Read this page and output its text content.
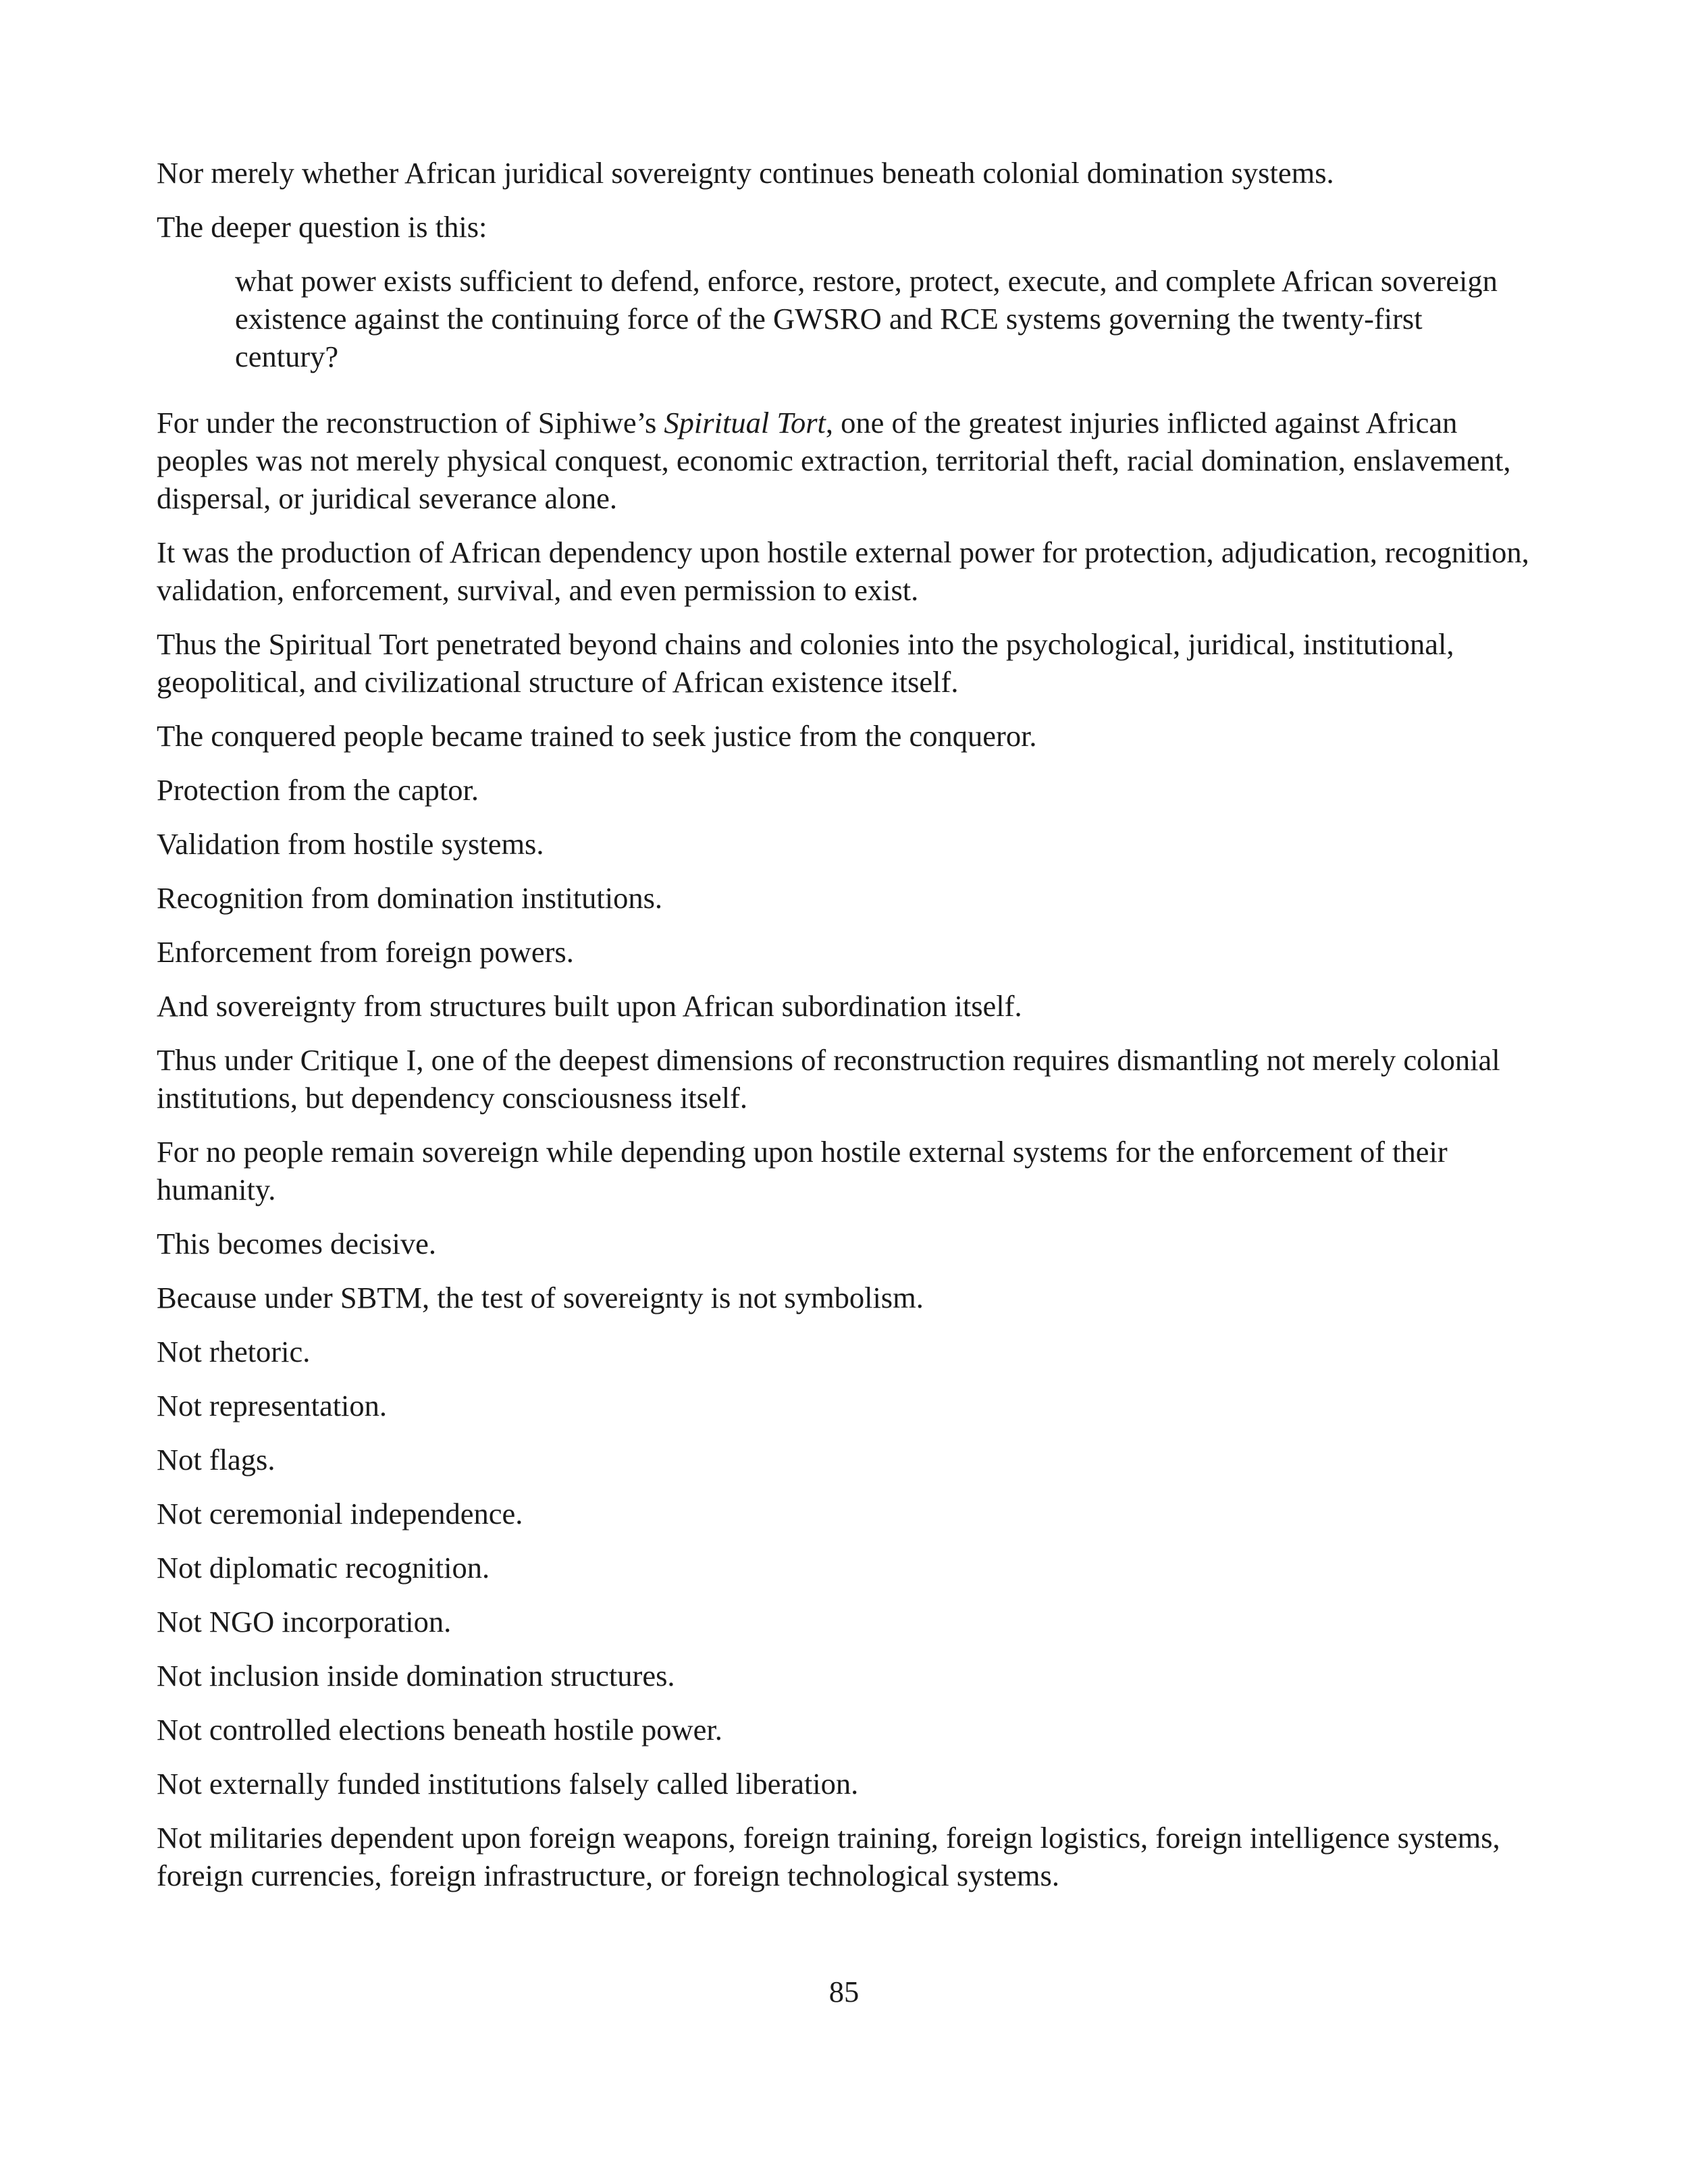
Nor merely whether African juridical sovereignty continues beneath colonial domination systems.

The deeper question is this:

what power exists sufficient to defend, enforce, restore, protect, execute, and complete African sovereign existence against the continuing force of the GWSRO and RCE systems governing the twenty-first century?

For under the reconstruction of Siphiwe’s Spiritual Tort, one of the greatest injuries inflicted against African peoples was not merely physical conquest, economic extraction, territorial theft, racial domination, enslavement, dispersal, or juridical severance alone.

It was the production of African dependency upon hostile external power for protection, adjudication, recognition, validation, enforcement, survival, and even permission to exist.

Thus the Spiritual Tort penetrated beyond chains and colonies into the psychological, juridical, institutional, geopolitical, and civilizational structure of African existence itself.

The conquered people became trained to seek justice from the conqueror.

Protection from the captor.

Validation from hostile systems.

Recognition from domination institutions.

Enforcement from foreign powers.

And sovereignty from structures built upon African subordination itself.

Thus under Critique I, one of the deepest dimensions of reconstruction requires dismantling not merely colonial institutions, but dependency consciousness itself.

For no people remain sovereign while depending upon hostile external systems for the enforcement of their humanity.

This becomes decisive.

Because under SBTM, the test of sovereignty is not symbolism.

Not rhetoric.

Not representation.

Not flags.

Not ceremonial independence.

Not diplomatic recognition.

Not NGO incorporation.

Not inclusion inside domination structures.

Not controlled elections beneath hostile power.

Not externally funded institutions falsely called liberation.

Not militaries dependent upon foreign weapons, foreign training, foreign logistics, foreign intelligence systems, foreign currencies, foreign infrastructure, or foreign technological systems.

85
